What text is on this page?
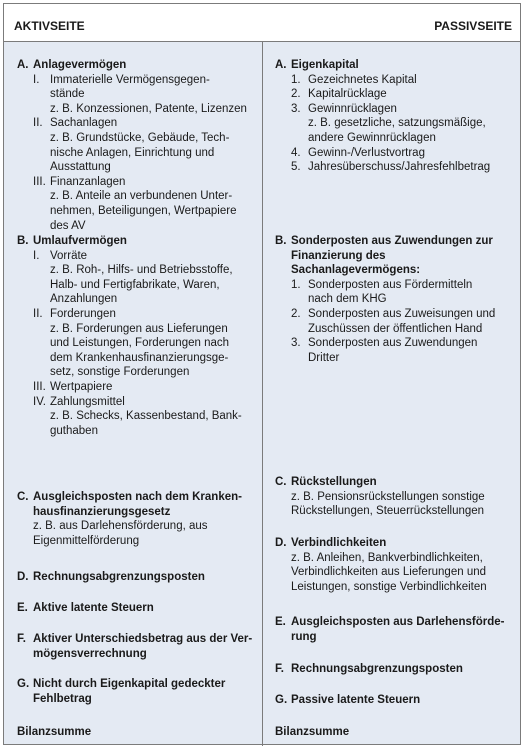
AKTIVSEITE	PASSIVSEITE
A. Anlagevermögen
I. Immaterielle Vermögensgegen-
stände
z. B. Konzessionen, Patente, Lizenzen
II. Sachanlagen
z. B. Grundstücke, Gebäude, Tech-
nische Anlagen, Einrichtung und
Ausstattung
III. Finanzanlagen
z. B. Anteile an verbundenen Unter-
nehmen, Beteiligungen, Wertpapiere
des AV
B. Umlaufvermögen
I. Vorräte
z. B. Roh-, Hilfs- und Betriebsstoffe,
Halb- und Fertigfabrikate, Waren,
Anzahlungen
II. Forderungen
z. B. Forderungen aus Lieferungen
und Leistungen, Forderungen nach
dem Krankenhausfinanzierungsge-
setz, sonstige Forderungen
III. Wertpapiere
IV. Zahlungsmittel
z. B. Schecks, Kassenbestand, Bank-
guthaben
C. Ausgleichsposten nach dem Kranken-
hausfinanzierungsgesetz
z. B. aus Darlehensförderung, aus
Eigenmittelförderung
D. Rechnungsabgrenzungsposten
E. Aktive latente Steuern
F. Aktiver Unterschiedsbetrag aus der Ver-
mögensverrechnung
G. Nicht durch Eigenkapital gedeckter
Fehlbetrag
Bilanzsumme
A. Eigenkapital
1. Gezeichnetes Kapital
2. Kapitalrücklage
3. Gewinnrücklagen
z. B. gesetzliche, satzungsmäßige,
andere Gewinnrücklagen
4. Gewinn-/Verlustvortrag
5. Jahresüberschuss/Jahresfehlbetrag
B. Sonderposten aus Zuwendungen zur
Finanzierung des
Sachanlagevermögens:
1. Sonderposten aus Fördermitteln
nach dem KHG
2. Sonderposten aus Zuweisungen und
Zuschüssen der öffentlichen Hand
3. Sonderposten aus Zuwendungen
Dritter
C. Rückstellungen
z. B. Pensionsrückstellungen sonstige
Rückstellungen, Steuerrückstellungen
D. Verbindlichkeiten
z. B. Anleihen, Bankverbindlichkeiten,
Verbindlichkeiten aus Lieferungen und
Leistungen, sonstige Verbindlichkeiten
E. Ausgleichsposten aus Darlehensförde-
rung
F. Rechnungsabgrenzungsposten
G. Passive latente Steuern
Bilanzsumme
